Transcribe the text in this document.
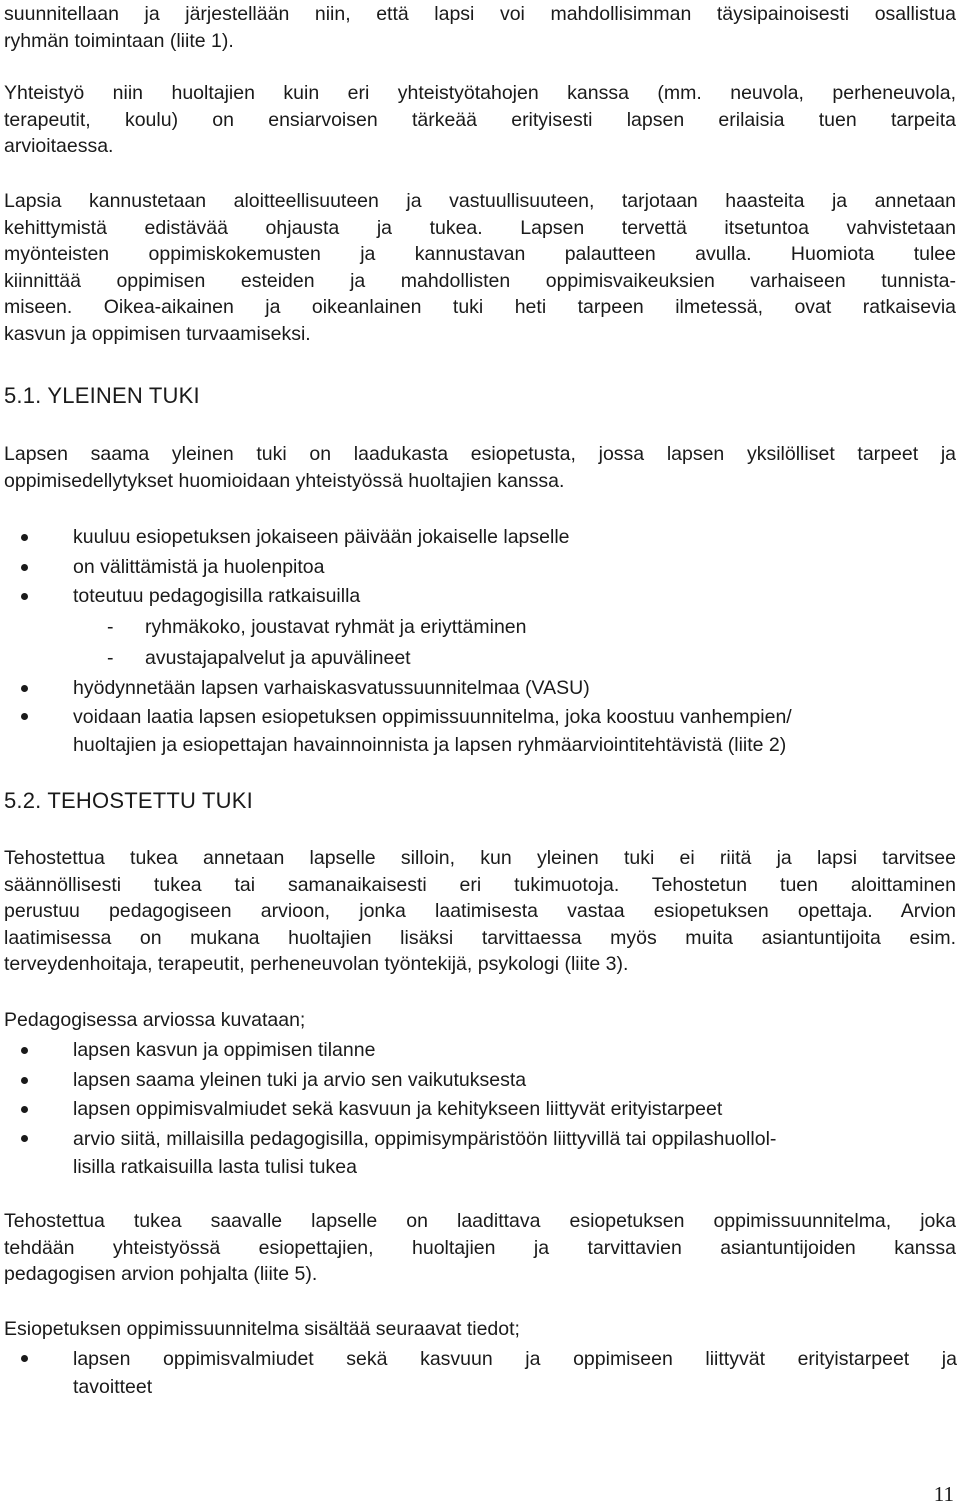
suunnitellaan ja järjestellään niin, että lapsi voi mahdollisimman täysipainoisesti osallistua
ryhmän toimintaan (liite 1).
Yhteistyö niin huoltajien kuin eri yhteistyötahojen kanssa (mm. neuvola, perheneuvola,
terapeutit, koulu) on ensiarvoisen tärkeää erityisesti lapsen erilaisia tuen tarpeita
arvioitaessa.
Lapsia kannustetaan aloitteellisuuteen ja vastuullisuuteen, tarjotaan haasteita ja annetaan
kehittymistä edistävää ohjausta ja tukea. Lapsen tervettä itsetuntoa vahvistetaan
myönteisten oppimiskokemusten ja kannustavan palautteen avulla. Huomiota tulee
kiinnittää oppimisen esteiden ja mahdollisten oppimisvaikeuksien varhaiseen tunnista-
miseen. Oikea-aikainen ja oikeanlainen tuki heti tarpeen ilmetessä, ovat ratkaisevia
kasvun ja oppimisen turvaamiseksi.
5.1. YLEINEN TUKI
Lapsen saama yleinen tuki on laadukasta esiopetusta, jossa lapsen yksilölliset tarpeet ja
oppimisedellytykset huomioidaan yhteistyössä huoltajien kanssa.
kuuluu esiopetuksen jokaiseen päivään jokaiselle lapselle
on välittämistä ja huolenpitoa
toteutuu pedagogisilla ratkaisuilla
- ryhmäkoko, joustavat ryhmät ja eriyttäminen
- avustajapalvelut ja apuvälineet
hyödynnetään lapsen varhaiskasvatussuunnitelmaa (VASU)
voidaan laatia lapsen esiopetuksen oppimissuunnitelma, joka koostuu vanhempien/
huoltajien ja esiopettajan havainnoinnista ja lapsen ryhmäarviointitehtävistä (liite 2)
5.2. TEHOSTETTU TUKI
Tehostettua tukea annetaan lapselle silloin, kun yleinen tuki ei riitä ja lapsi tarvitsee
säännöllisesti tukea tai samanaikaisesti eri tukimuotoja. Tehostetun tuen aloittaminen
perustuu pedagogiseen arvioon, jonka laatimisesta vastaa esiopetuksen opettaja. Arvion
laatimisessa on mukana huoltajien lisäksi tarvittaessa myös muita asiantuntijoita esim.
terveydenhoitaja, terapeutit, perheneuvolan työntekijä, psykologi (liite 3).
Pedagogisessa arviossa kuvataan;
lapsen kasvun ja oppimisen tilanne
lapsen saama yleinen tuki ja arvio sen vaikutuksesta
lapsen oppimisvalmiudet sekä kasvuun ja kehitykseen liittyvät erityistarpeet
arvio siitä, millaisilla pedagogisilla, oppimisympäristöön liittyvillä tai oppilashuollol-
lisilla ratkaisuilla lasta tulisi tukea
Tehostettua tukea saavalle lapselle on laadittava esiopetuksen oppimissuunnitelma, joka
tehdään yhteistyössä esiopettajien, huoltajien ja tarvittavien asiantuntijoiden kanssa
pedagogisen arvion pohjalta (liite 5).
Esiopetuksen oppimissuunnitelma sisältää seuraavat tiedot;
lapsen oppimisvalmiudet sekä kasvuun ja oppimiseen liittyvät erityistarpeet ja
tavoitteet
11
